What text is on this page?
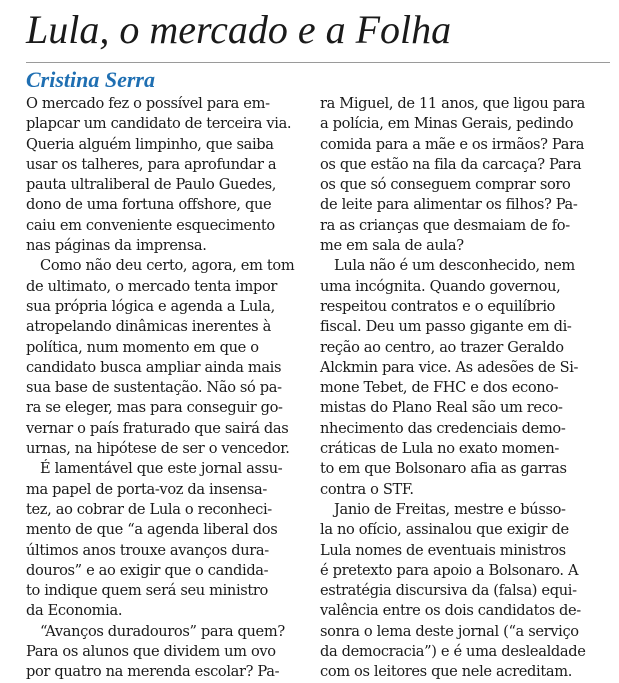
Lula, o mercado e a Folha
Cristina Serra
O mercado fez o possível para em-
plapcar um candidato de terceira via.
Queria alguém limpinho, que saiba
usar os talheres, para aprofundar a
pauta ultraliberal de Paulo Guedes,
dono de uma fortuna offshore, que
caiu em conveniente esquecimento
nas páginas da imprensa.
Como não deu certo, agora, em tom
de ultimato, o mercado tenta impor
sua própria lógica e agenda a Lula,
atropelando dinâmicas inerentes à
política, num momento em que o
candidato busca ampliar ainda mais
sua base de sustentação. Não só pa-
ra se eleger, mas para conseguir go-
vernar o país fraturado que sairá das
urnas, na hipótese de ser o vencedor.
É lamentável que este jornal assu-
ma papel de porta-voz da insensa-
tez, ao cobrar de Lula o reconheci-
mento de que “a agenda liberal dos
últimos anos trouxe avanços dura-
douros” e ao exigir que o candida-
to indique quem será seu ministro
da Economia.
“Avanços duradouros” para quem?
Para os alunos que dividem um ovo
por quatro na merenda escolar? Pa-
ra Miguel, de 11 anos, que ligou para
a polícia, em Minas Gerais, pedindo
comida para a mãe e os irmãos? Para
os que estão na fila da carcaça? Para
os que só conseguem comprar soro
de leite para alimentar os filhos? Pa-
ra as crianças que desmaiam de fo-
me em sala de aula?
Lula não é um desconhecido, nem
uma incógnita. Quando governou,
respeitou contratos e o equilíbrio
fiscal. Deu um passo gigante em di-
reção ao centro, ao trazer Geraldo
Alckmin para vice. As adesões de Si-
mone Tebet, de FHC e dos econo-
mistas do Plano Real são um reco-
nhecimento das credenciais demo-
cráticas de Lula no exato momen-
to em que Bolsonaro afia as garras
contra o STF.
Janio de Freitas, mestre e bússo-
la no ofício, assinalou que exigir de
Lula nomes de eventuais ministros
é pretexto para apoio a Bolsonaro. A
estratégia discursiva da (falsa) equi-
valência entre os dois candidatos de-
sonra o lema deste jornal (“a serviço
da democracia”) e é uma deslealdade
com os leitores que nele acreditam.
